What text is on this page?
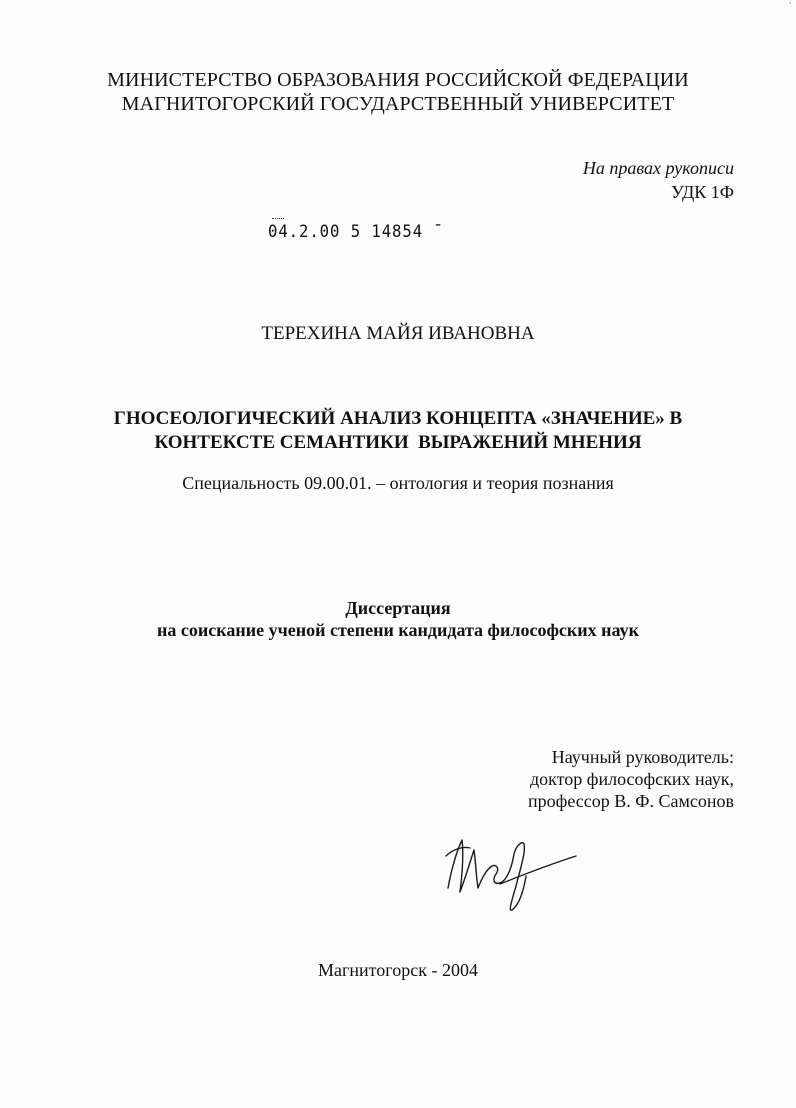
ˋ
МИНИСТЕРСТВО ОБРАЗОВАНИЯ РОССИЙСКОЙ ФЕДЕРАЦИИ
МАГНИТОГОРСКИЙ ГОСУДАРСТВЕННЫЙ УНИВЕРСИТЕТ
На правах рукописи
УДК 1Ф
04.2.00 5 14854 ˉ
ТЕРЕХИНА МАЙЯ ИВАНОВНА
ГНОСЕОЛОГИЧЕСКИЙ АНАЛИЗ КОНЦЕПТА «ЗНАЧЕНИЕ» В
КОНТЕКСТЕ СЕМАНТИКИ  ВЫРАЖЕНИЙ МНЕНИЯ
Специальность 09.00.01. – онтология и теория познания
Диссертация
на соискание ученой степени кандидата философских наук
Научный руководитель:
доктор философских наук,
профессор В. Ф. Самсонов
Магнитогорск - 2004
